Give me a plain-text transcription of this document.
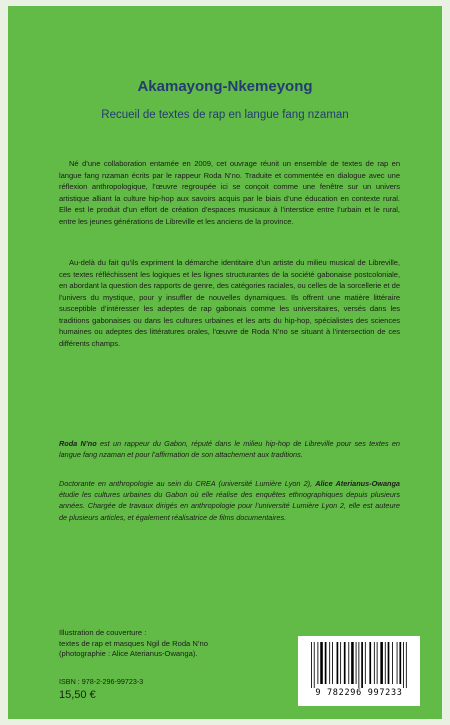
Akamayong-Nkemeyong

Recueil de textes de rap en langue fang nzaman

Né d’une collaboration entamée en 2009, cet ouvrage réunit un ensemble de textes de rap en langue fang nzaman écrits par le rappeur Roda N’no. Traduite et commentée en dialogue avec une réflexion anthropologique, l’œuvre regroupée ici se conçoit comme une fenêtre sur un univers artistique alliant la culture hip-hop aux savoirs acquis par le biais d’une éducation en contexte rural. Elle est le produit d’un effort de création d’espaces musicaux à l’interstice entre l’urbain et le rural, entre les jeunes générations de Libreville et les anciens de la province.

Au-delà du fait qu’ils expriment la démarche identitaire d’un artiste du milieu musical de Libreville, ces textes réfléchissent les logiques et les lignes structurantes de la société gabonaise postcoloniale, en abordant la question des rapports de genre, des catégories raciales, ou celles de la sorcellerie et de l’univers du mystique, pour y insuffler de nouvelles dynamiques. Ils offrent une matière littéraire susceptible d’intéresser les adeptes de rap gabonais comme les universitaires, versés dans les traditions gabonaises ou dans les cultures urbaines et les arts du hip-hop, spécialistes des sciences humaines ou adeptes des littératures orales, l’œuvre de Roda N’no se situant à l’intersection de ces différents champs.

Roda N’no est un rappeur du Gabon, réputé dans le milieu hip-hop de Libreville pour ses textes en langue fang nzaman et pour l’affirmation de son attachement aux traditions.

Doctorante en anthropologie au sein du CREA (université Lumière Lyon 2), Alice Aterianus-Owanga étudie les cultures urbaines du Gabon où elle réalise des enquêtes ethnographiques depuis plusieurs années. Chargée de travaux dirigés en anthropologie pour l’université Lumière Lyon 2, elle est auteure de plusieurs articles, et également réalisatrice de films documentaires.

Illustration de couverture :
textes de rap et masques Ngil de Roda N’no
(photographie : Alice Aterianus-Owanga).

ISBN : 978-2-296-99723-3

15,50 €	9 782296 997233
